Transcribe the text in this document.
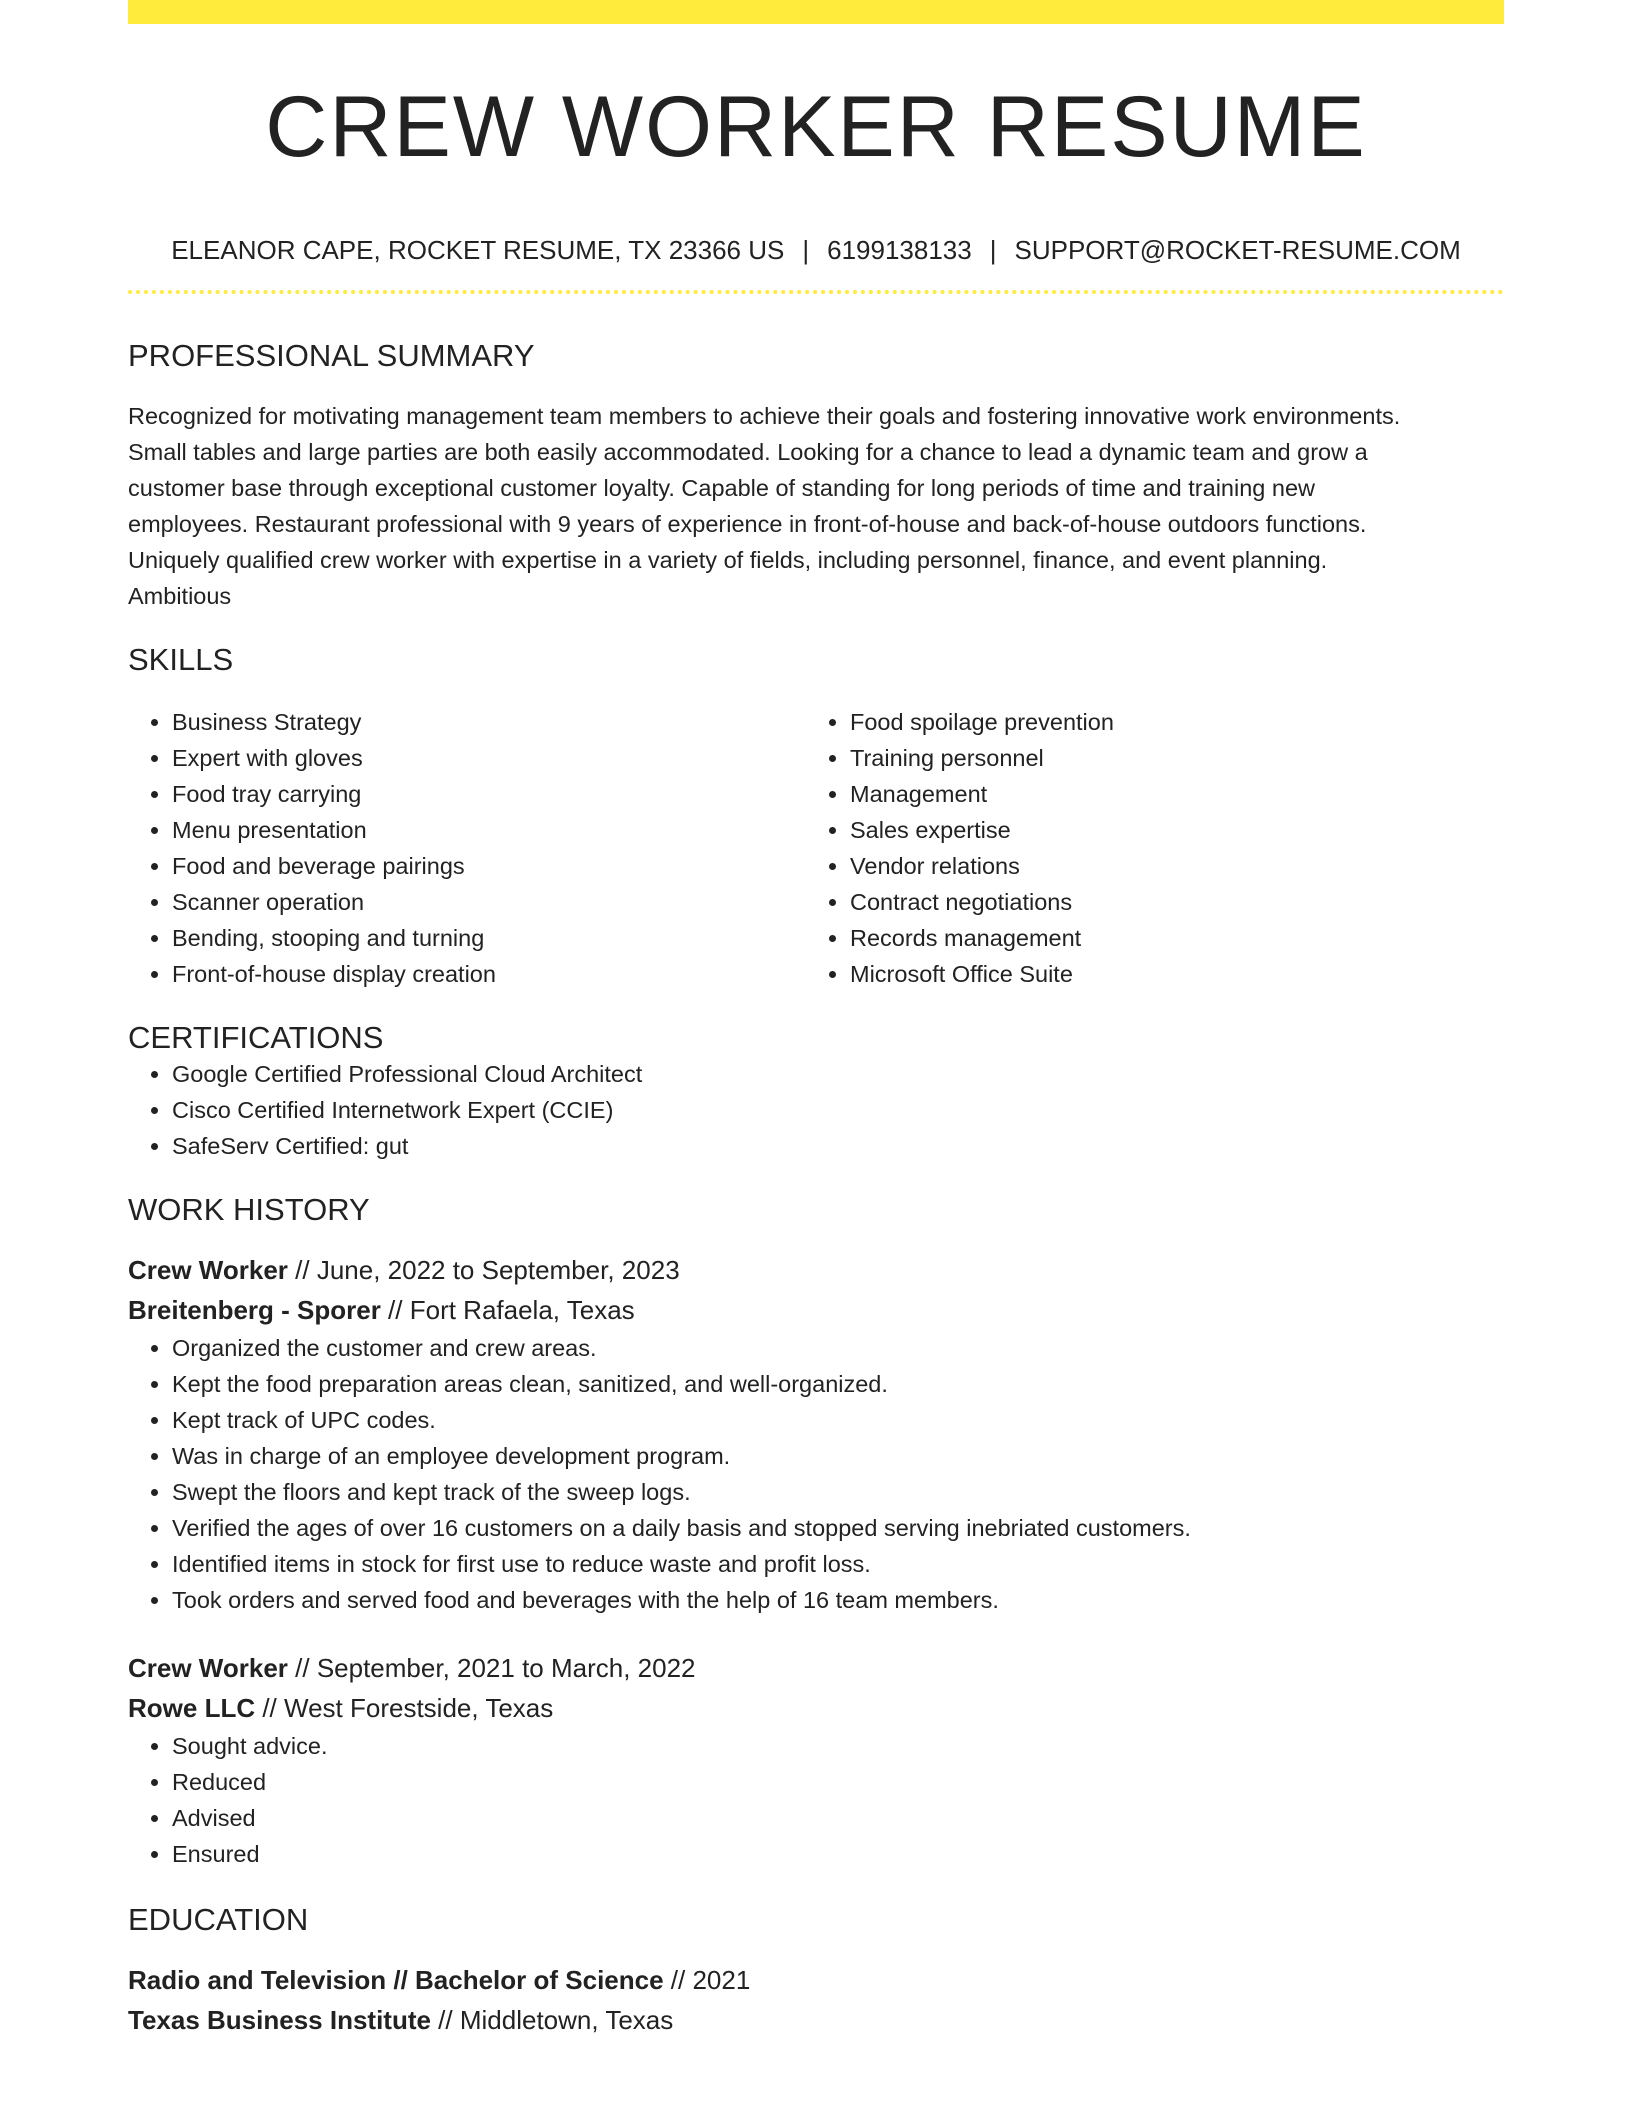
CREW WORKER RESUME
ELEANOR CAPE, ROCKET RESUME, TX 23366 US | 6199138133 | SUPPORT@ROCKET-RESUME.COM
PROFESSIONAL SUMMARY
Recognized for motivating management team members to achieve their goals and fostering innovative work environments.
Small tables and large parties are both easily accommodated. Looking for a chance to lead a dynamic team and grow a
customer base through exceptional customer loyalty. Capable of standing for long periods of time and training new
employees. Restaurant professional with 9 years of experience in front-of-house and back-of-house outdoors functions.
Uniquely qualified crew worker with expertise in a variety of fields, including personnel, finance, and event planning.
Ambitious
SKILLS
• Business Strategy
• Expert with gloves
• Food tray carrying
• Menu presentation
• Food and beverage pairings
• Scanner operation
• Bending, stooping and turning
• Front-of-house display creation
• Food spoilage prevention
• Training personnel
• Management
• Sales expertise
• Vendor relations
• Contract negotiations
• Records management
• Microsoft Office Suite
CERTIFICATIONS
• Google Certified Professional Cloud Architect
• Cisco Certified Internetwork Expert (CCIE)
• SafeServ Certified: gut
WORK HISTORY
Crew Worker // June, 2022 to September, 2023
Breitenberg - Sporer // Fort Rafaela, Texas
• Organized the customer and crew areas.
• Kept the food preparation areas clean, sanitized, and well-organized.
• Kept track of UPC codes.
• Was in charge of an employee development program.
• Swept the floors and kept track of the sweep logs.
• Verified the ages of over 16 customers on a daily basis and stopped serving inebriated customers.
• Identified items in stock for first use to reduce waste and profit loss.
• Took orders and served food and beverages with the help of 16 team members.
Crew Worker // September, 2021 to March, 2022
Rowe LLC // West Forestside, Texas
• Sought advice.
• Reduced
• Advised
• Ensured
EDUCATION
Radio and Television // Bachelor of Science // 2021
Texas Business Institute // Middletown, Texas
